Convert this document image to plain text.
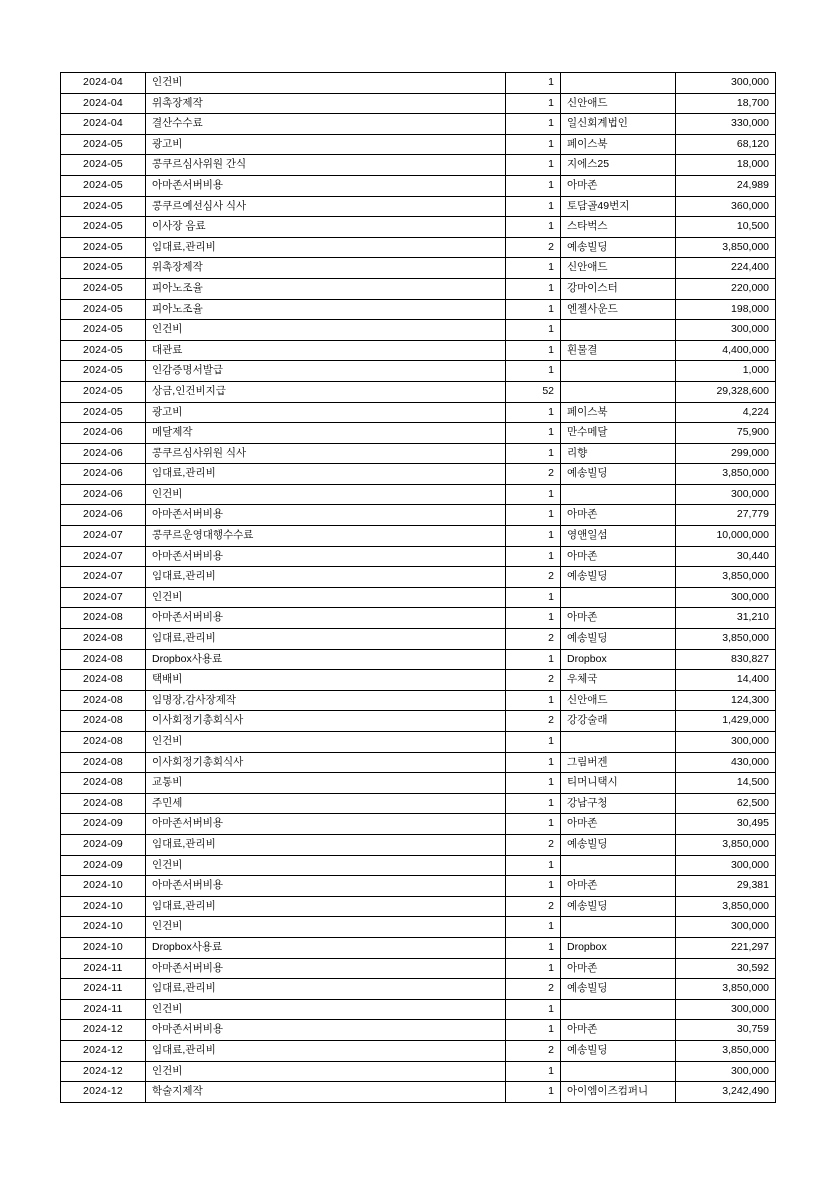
2024-04	인건비	1		300,000
2024-04	위촉장제작	1	신안애드	18,700
2024-04	결산수수료	1	일신회계법인	330,000
2024-05	광고비	1	페이스북	68,120
2024-05	콩쿠르심사위원 간식	1	지에스25	18,000
2024-05	아마존서버비용	1	아마존	24,989
2024-05	콩쿠르예선심사 식사	1	토담골49번지	360,000
2024-05	이사장 음료	1	스타벅스	10,500
2024-05	임대료,관리비	2	예송빌딩	3,850,000
2024-05	위촉장제작	1	신안애드	224,400
2024-05	피아노조율	1	강마이스터	220,000
2024-05	피아노조율	1	엔젤사운드	198,000
2024-05	인건비	1		300,000
2024-05	대관료	1	흰물결	4,400,000
2024-05	인감증명서발급	1		1,000
2024-05	상금,인건비지급	52		29,328,600
2024-05	광고비	1	페이스북	4,224
2024-06	메달제작	1	만수메달	75,900
2024-06	콩쿠르심사위원 식사	1	리향	299,000
2024-06	임대료,관리비	2	예송빌딩	3,850,000
2024-06	인건비	1		300,000
2024-06	아마존서버비용	1	아마존	27,779
2024-07	콩쿠르운영대행수수료	1	영앤일섬	10,000,000
2024-07	아마존서버비용	1	아마존	30,440
2024-07	임대료,관리비	2	예송빌딩	3,850,000
2024-07	인건비	1		300,000
2024-08	아마존서버비용	1	아마존	31,210
2024-08	임대료,관리비	2	예송빌딩	3,850,000
2024-08	Dropbox사용료	1	Dropbox	830,827
2024-08	택배비	2	우체국	14,400
2024-08	임명장,감사장제작	1	신안애드	124,300
2024-08	이사회정기총회식사	2	강강술래	1,429,000
2024-08	인건비	1		300,000
2024-08	이사회정기총회식사	1	그림버겐	430,000
2024-08	교통비	1	티머니택시	14,500
2024-08	주민세	1	강남구청	62,500
2024-09	아마존서버비용	1	아마존	30,495
2024-09	임대료,관리비	2	예송빌딩	3,850,000
2024-09	인건비	1		300,000
2024-10	아마존서버비용	1	아마존	29,381
2024-10	임대료,관리비	2	예송빌딩	3,850,000
2024-10	인건비	1		300,000
2024-10	Dropbox사용료	1	Dropbox	221,297
2024-11	아마존서버비용	1	아마존	30,592
2024-11	임대료,관리비	2	예송빌딩	3,850,000
2024-11	인건비	1		300,000
2024-12	아마존서버비용	1	아마존	30,759
2024-12	임대료,관리비	2	예송빌딩	3,850,000
2024-12	인건비	1		300,000
2024-12	학술지제작	1	아이엠이즈컴퍼니	3,242,490
